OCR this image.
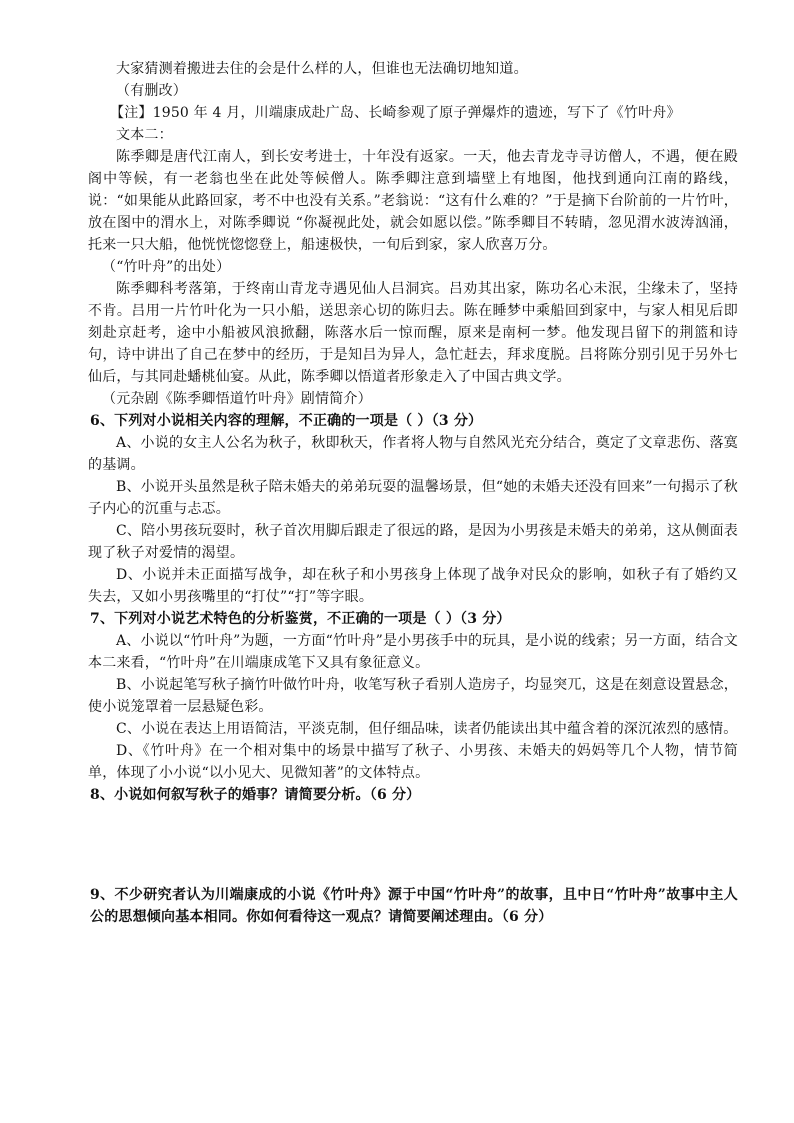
大家猜测着搬进去住的会是什么样的人，但谁也无法确切地知道。

（有删改）

【注】1950 年 4 月，川端康成赴广岛、长崎参观了原子弹爆炸的遗迹，写下了《竹叶舟》

文本二：

陈季卿是唐代江南人，到长安考进士，十年没有返家。一天，他去青龙寺寻访僧人，不遇，便在殿阁中等候，有一老翁也坐在此处等候僧人。陈季卿注意到墙壁上有地图，他找到通向江南的路线，说：“如果能从此路回家，考不中也没有关系。”老翁说：“这有什么难的？”于是摘下台阶前的一片竹叶，放在图中的渭水上，对陈季卿说 “你凝视此处，就会如愿以偿。”陈季卿目不转睛，忽见渭水波涛汹涌，托来一只大船，他恍恍惚惚登上，船速极快，一旬后到家，家人欣喜万分。

（“竹叶舟”的出处）

陈季卿科考落第，于终南山青龙寺遇见仙人吕洞宾。吕劝其出家，陈功名心未泯，尘缘未了，坚持不肯。吕用一片竹叶化为一只小船，送思亲心切的陈归去。陈在睡梦中乘船回到家中，与家人相见后即刻赴京赶考，途中小船被风浪掀翻，陈落水后一惊而醒，原来是南柯一梦。他发现吕留下的荆篮和诗句，诗中讲出了自己在梦中的经历，于是知吕为异人，急忙赶去，拜求度脱。吕将陈分别引见于另外七仙后，与其同赴蟠桃仙宴。从此，陈季卿以悟道者形象走入了中国古典文学。

（元杂剧《陈季卿悟道竹叶舟》剧情简介）

6、下列对小说相关内容的理解，不正确的一项是（ ）（3 分）

A、小说的女主人公名为秋子，秋即秋天，作者将人物与自然风光充分结合，奠定了文章悲伤、落寞的基调。

B、小说开头虽然是秋子陪未婚夫的弟弟玩耍的温馨场景，但“她的未婚夫还没有回来”一句揭示了秋子内心的沉重与忐忑。

C、陪小男孩玩耍时，秋子首次用脚后跟走了很远的路，是因为小男孩是未婚夫的弟弟，这从侧面表现了秋子对爱情的渴望。

D、小说并未正面描写战争，却在秋子和小男孩身上体现了战争对民众的影响，如秋子有了婚约又失去，又如小男孩嘴里的“打仗”“打”等字眼。

7、下列对小说艺术特色的分析鉴赏，不正确的一项是（ ）（3 分）

A、小说以“竹叶舟”为题，一方面“竹叶舟”是小男孩手中的玩具，是小说的线索；另一方面，结合文本二来看，“竹叶舟”在川端康成笔下又具有象征意义。

B、小说起笔写秋子摘竹叶做竹叶舟，收笔写秋子看别人造房子，均显突兀，这是在刻意设置悬念，使小说笼罩着一层悬疑色彩。

C、小说在表达上用语简洁，平淡克制，但仔细品味，读者仍能读出其中蕴含着的深沉浓烈的感情。

D、《竹叶舟》在一个相对集中的场景中描写了秋子、小男孩、未婚夫的妈妈等几个人物，情节简单，体现了小小说“以小见大、见微知著”的文体特点。

8、小说如何叙写秋子的婚事？请简要分析。（6 分）

9、不少研究者认为川端康成的小说《竹叶舟》源于中国“竹叶舟”的故事，且中日“竹叶舟”故事中主人公的思想倾向基本相同。你如何看待这一观点？请简要阐述理由。（6 分）
